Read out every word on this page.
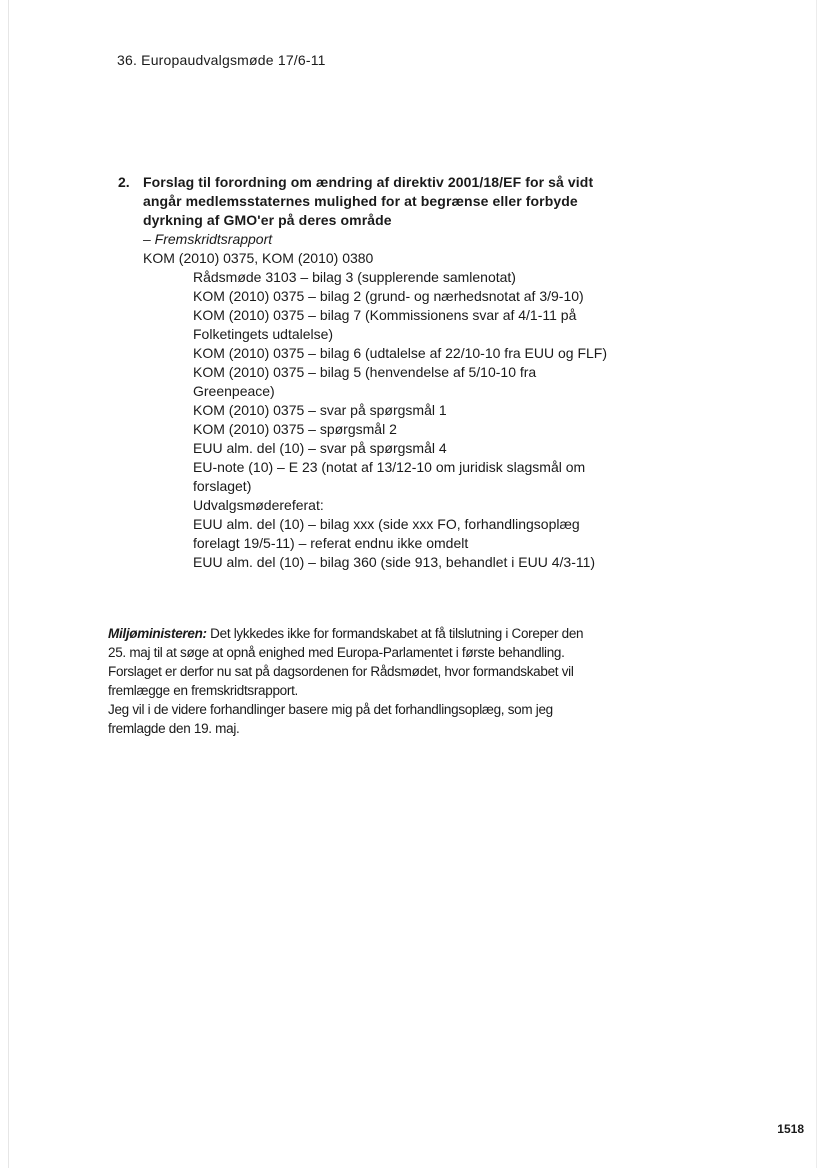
36. Europaudvalgsmøde 17/6-11
2. Forslag til forordning om ændring af direktiv 2001/18/EF for så vidt angår medlemsstaternes mulighed for at begrænse eller forbyde dyrkning af GMO'er på deres område
– Fremskridtsrapport
KOM (2010) 0375, KOM (2010) 0380
Rådsmøde 3103 – bilag 3 (supplerende samlenotat)
KOM (2010) 0375 – bilag 2 (grund- og nærhedsnotat af 3/9-10)
KOM (2010) 0375 – bilag 7 (Kommissionens svar af 4/1-11 på Folketingets udtalelse)
KOM (2010) 0375 – bilag 6 (udtalelse af 22/10-10 fra EUU og FLF)
KOM (2010) 0375 – bilag 5 (henvendelse af 5/10-10 fra Greenpeace)
KOM (2010) 0375 – svar på spørgsmål 1
KOM (2010) 0375 – spørgsmål 2
EUU alm. del (10) – svar på spørgsmål 4
EU-note (10) – E 23 (notat af 13/12-10 om juridisk slagsmål om forslaget)
Udvalgsmødereferat:
EUU alm. del (10) – bilag xxx (side xxx FO, forhandlingsoplæg forelagt 19/5-11) – referat endnu ikke omdelt
EUU alm. del (10) – bilag 360 (side 913, behandlet i EUU 4/3-11)

Miljøministeren: Det lykkedes ikke for formandskabet at få tilslutning i Coreper den 25. maj til at søge at opnå enighed med Europa-Parlamentet i første behandling. Forslaget er derfor nu sat på dagsordenen for Rådsmødet, hvor formandskabet vil fremlægge en fremskridtsrapport.

Jeg vil i de videre forhandlinger basere mig på det forhandlingsoplæg, som jeg fremlagde den 19. maj.

1518
